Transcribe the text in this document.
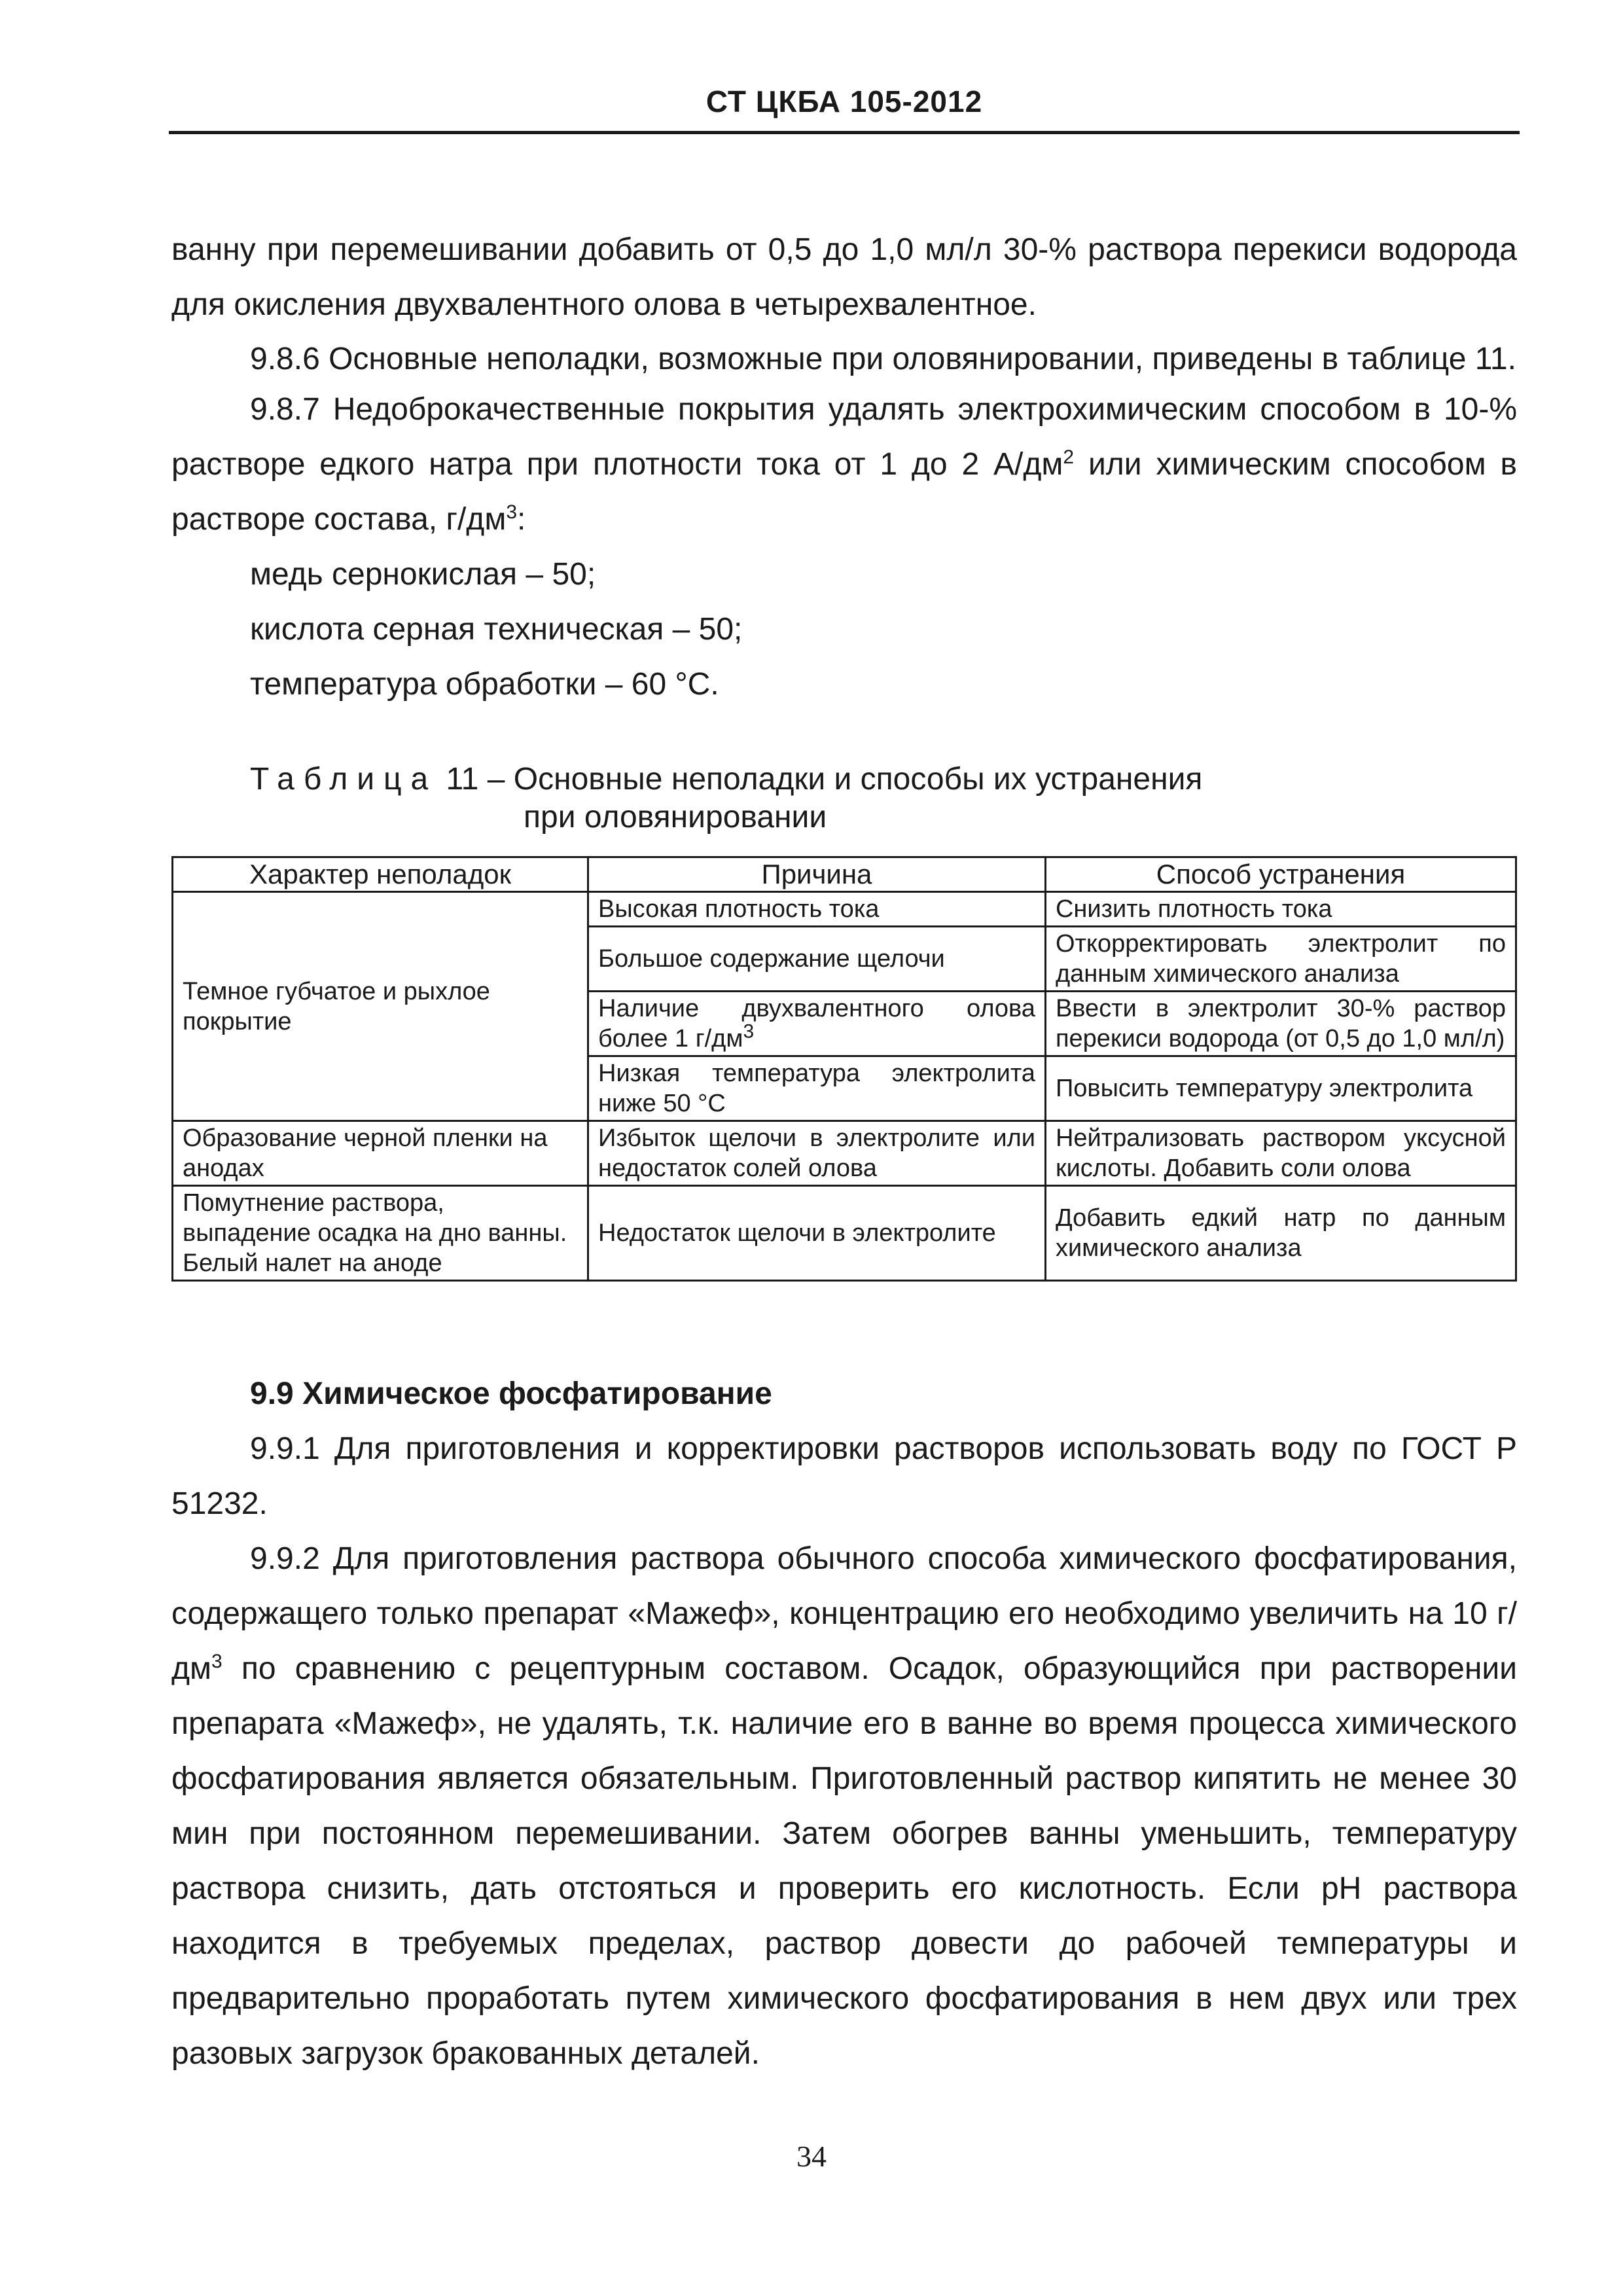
СТ ЦКБА 105-2012

ванну при перемешивании добавить от 0,5 до 1,0 мл/л 30-% раствора перекиси водорода для окисления двухвалентного олова в четырехвалентное.

9.8.6 Основные неполадки, возможные при оловянировании, приведены в таблице 11.

9.8.7 Недоброкачественные покрытия удалять электрохимическим способом в 10-% растворе едкого натра при плотности тока от 1 до 2 $А/дм^2$ или химическим способом в растворе состава, $г/дм^3$:

медь сернокислая – 50;

кислота серная техническая – 50;

температура обработки – 60 °С.

Таблица 11 – Основные неполадки и способы их устранения
при оловянировании
Характер неполадок	Причина	Способ устранения
Темное губчатое и рыхлое покрытие	Высокая плотность тока	Снизить плотность тока
	Большое содержание щелочи	Откорректировать электролит по данным химического анализа
	Наличие двухвалентного олова более 1 $г/дм^3$	Ввести в электролит 30-% раствор перекиси водорода (от 0,5 до 1,0 мл/л)
	Низкая температура электролита ниже 50 °С	Повысить температуру электролита
Образование черной пленки на анодах	Избыток щелочи в электролите или недостаток солей олова	Нейтрализовать раствором уксусной кислоты. Добавить соли олова
Помутнение раствора, выпадение осадка на дно ванны. Белый налет на аноде	Недостаток щелочи в электролите	Добавить едкий натр по данным химического анализа

9.9 Химическое фосфатирование

9.9.1 Для приготовления и корректировки растворов использовать воду по ГОСТ Р 51232.

9.9.2 Для приготовления раствора обычного способа химического фосфатирования, содержащего только препарат «Мажеф», концентрацию его необходимо увеличить на 10 $г/дм^3$ по сравнению с рецептурным составом. Осадок, образующийся при растворении препарата «Мажеф», не удалять, т.к. наличие его в ванне во время процесса химического фосфатирования является обязательным. Приготовленный раствор кипятить не менее 30 мин при постоянном перемешивании. Затем обогрев ванны уменьшить, температуру раствора снизить, дать отстояться и проверить его кислотность. Если рН раствора находится в требуемых пределах, раствор довести до рабочей температуры и предварительно проработать путем химического фосфатирования в нем двух или трех разовых загрузок бракованных деталей.

34
